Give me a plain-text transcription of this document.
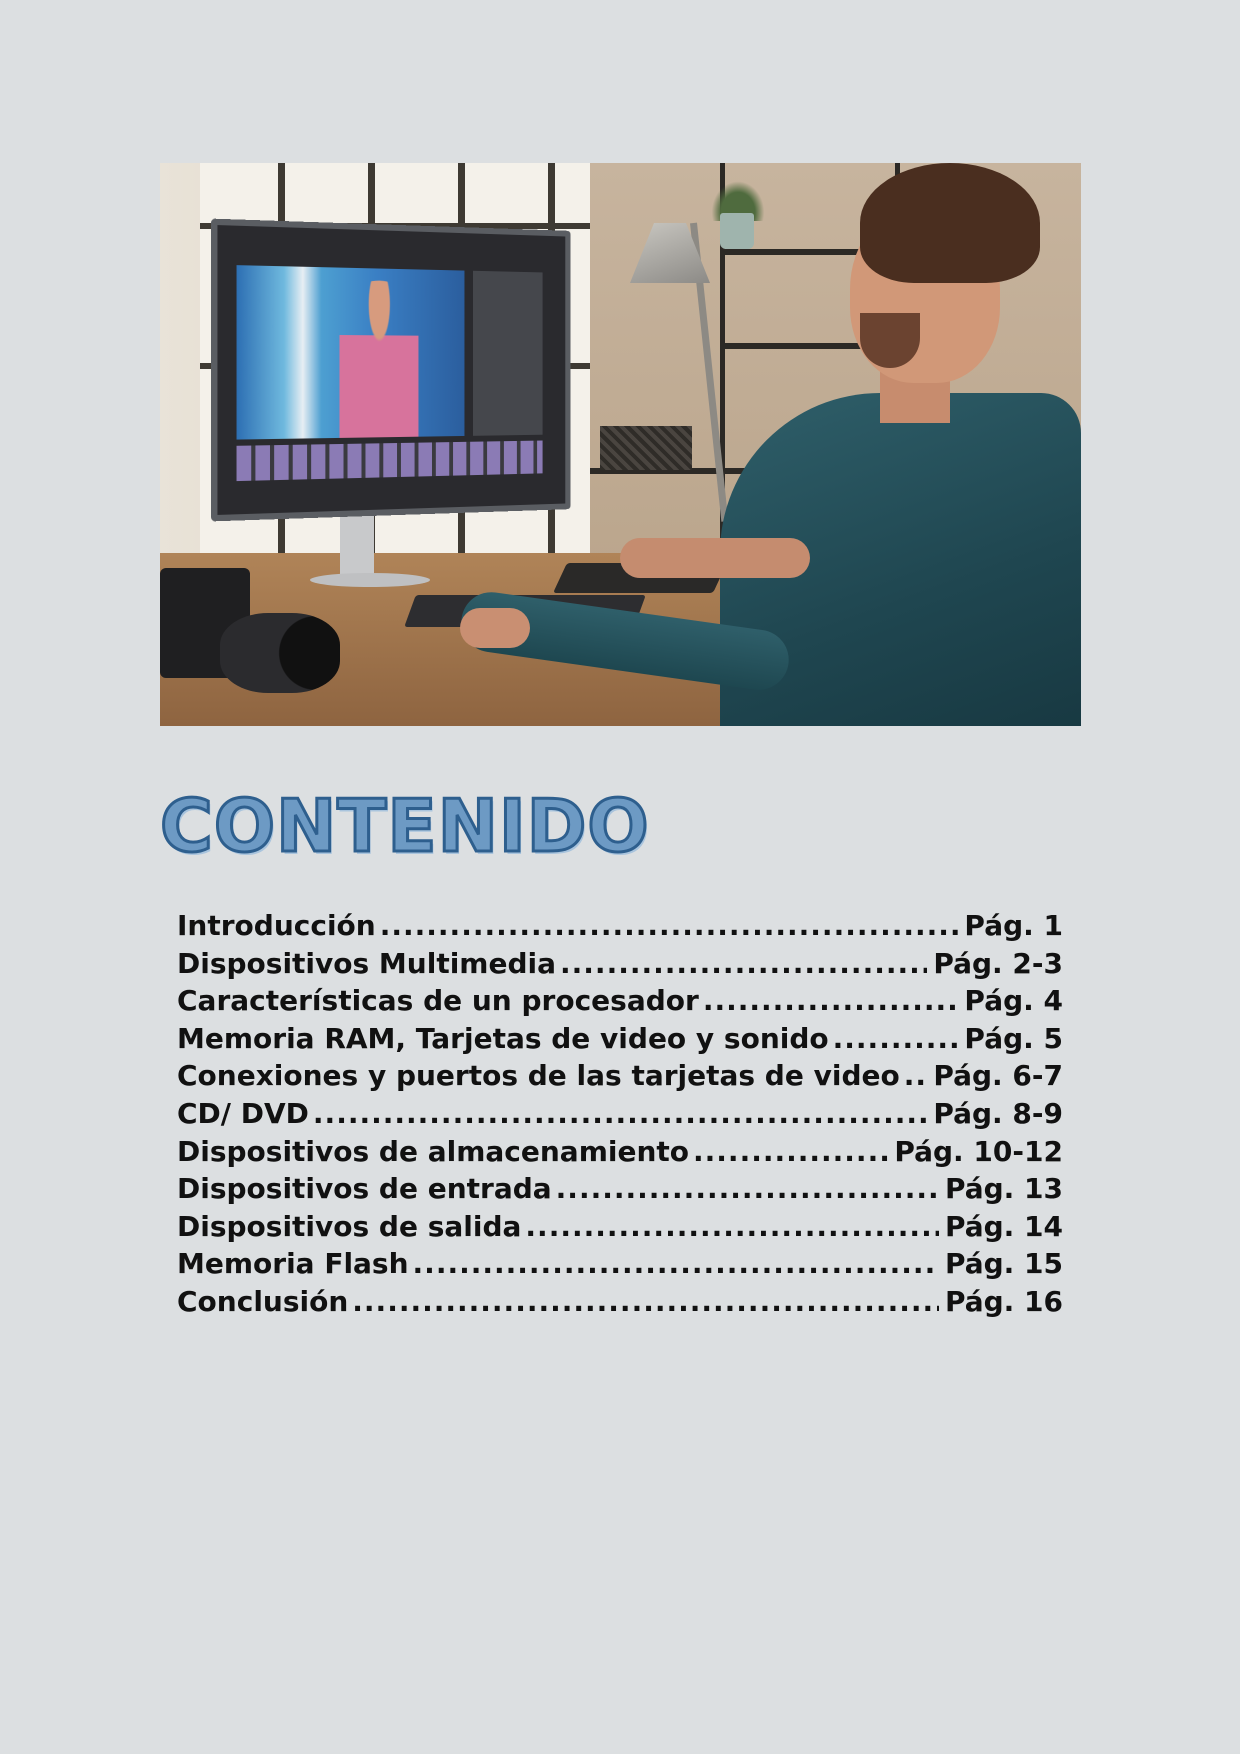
CONTENIDO
Introducción .....	Pág. 1
Dispositivos Multimedia .....	Pág. 2-3
Características de un procesador .....	Pág. 4
Memoria RAM, Tarjetas de video y sonido .....	Pág. 5
Conexiones y puertos de las tarjetas de video ..... Pág. 6-7
CD/ DVD .....	Pág. 8-9
Dispositivos de almacenamiento .....	Pág. 10-12
Dispositivos de entrada .....	Pág. 13
Dispositivos de salida .....	Pág. 14
Memoria Flash .....	Pág. 15
Conclusión .....	Pág. 16
